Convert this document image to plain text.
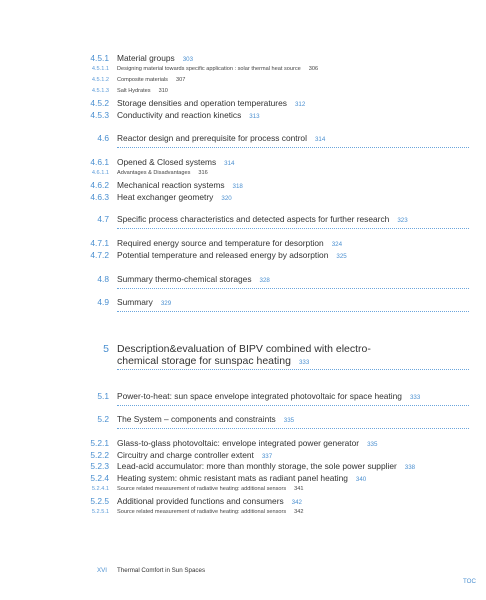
4.5.1 Material groups 303
4.5.1.1 Designing material towards specific application : solar thermal heat source 306
4.5.1.2 Composite materials 307
4.5.1.3 Salt Hydrates 310
4.5.2 Storage densities and operation temperatures 312
4.5.3 Conductivity and reaction kinetics 313
4.6 Reactor design and prerequisite for process control 314
4.6.1 Opened & Closed systems 314
4.6.1.1 Advantages & Disadvantages 316
4.6.2 Mechanical reaction systems 318
4.6.3 Heat exchanger geometry 320
4.7 Specific process characteristics and detected aspects for further research 323
4.7.1 Required energy source and temperature for desorption 324
4.7.2 Potential temperature and released energy by adsorption 325
4.8 Summary thermo-chemical storages 328
4.9 Summary 329
5 Description&evaluation of BIPV combined with electro-
chemical storage for sunspac heating 333
5.1 Power-to-heat: sun space envelope integrated photovoltaic for space heating 333
5.2 The System – components and constraints 335
5.2.1 Glass-to-glass photovoltaic: envelope integrated power generator 335
5.2.2 Circuitry and charge controller extent 337
5.2.3 Lead-acid accumulator: more than monthly storage, the sole power supplier 338
5.2.4 Heating system: ohmic resistant mats as radiant panel heating 340
5.2.4.1 Source related measurement of radiative heating: additional sensors 341
5.2.5 Additional provided functions and consumers 342
5.2.5.1 Source related measurement of radiative heating: additional sensors 342
XVI Thermal Comfort in Sun Spaces
TOC
